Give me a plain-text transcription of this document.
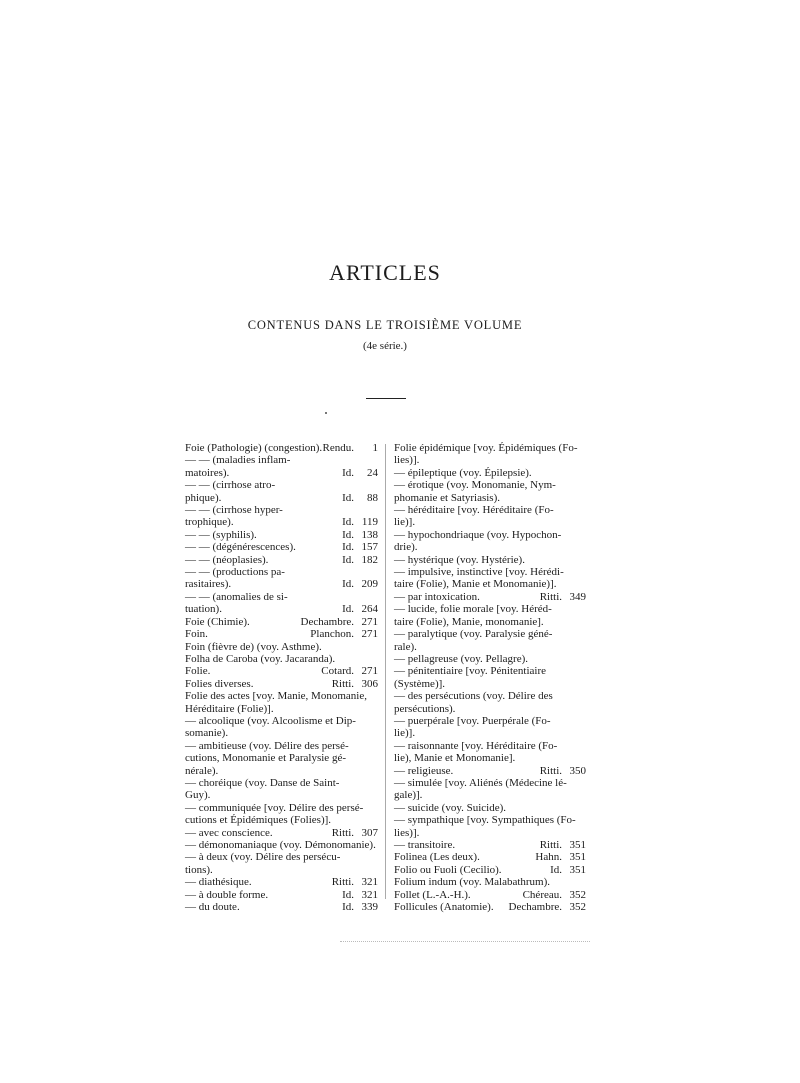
ARTICLES
CONTENUS DANS LE TROISIÈME VOLUME
(4e série.)
Foie (Pathologie) (congestion). Rendu. 1
— — (maladies inflam-
matoires).	Id. 24
— — (cirrhose atro-
phique).	Id. 88
— — (cirrhose hyper-
trophique).	Id. 119
— — (syphilis).	Id. 138
— — (dégénérescences).	Id. 157
— — (néoplasies).	Id. 182
— — (productions pa-
rasitaires).	Id. 209
— — (anomalies de si-
tuation).	Id. 264
Foie (Chimie).	Dechambre. 271
Foin.	Planchon. 271
Foin (fièvre de) (voy. Asthme).
Folha de Caroba (voy. Jacaranda).
Folie.	Cotard. 271
Folies diverses.	Ritti. 306
Folie des actes [voy. Manie, Monomanie,
Héréditaire (Folie)].
— alcoolique (voy. Alcoolisme et Dip-
somanie).
— ambitieuse (voy. Délire des persé-
cutions, Monomanie et Paralysie gé-
nérale).
— choréique (voy. Danse de Saint-
Guy).
— communiquée [voy. Délire des persé-
cutions et Épidémiques (Folies)].
— avec conscience.	Ritti. 307
— démonomaniaque (voy. Démonomanie).
— à deux (voy. Délire des persécu-
tions).
— diathésique.	Ritti. 321
— à double forme.	Id. 321
— du doute.	Id. 339
Folie épidémique [voy. Épidémiques (Fo-
lies)].
— épileptique (voy. Épilepsie).
— érotique (voy. Monomanie, Nym-
phomanie et Satyriasis).
— héréditaire [voy. Héréditaire (Fo-
lie)].
— hypochondriaque (voy. Hypochon-
drie).
— hystérique (voy. Hystérie).
— impulsive, instinctive [voy. Hérédi-
taire (Folie), Manie et Monomanie)].
— par intoxication.	Ritti. 349
— lucide, folie morale [voy. Héréd-
taire (Folie), Manie, monomanie].
— paralytique (voy. Paralysie géné-
rale).
— pellagreuse (voy. Pellagre).
— pénitentiaire [voy. Pénitentiaire
(Système)].
— des persécutions (voy. Délire des
persécutions).
— puerpérale [voy. Puerpérale (Fo-
lie)].
— raisonnante [voy. Héréditaire (Fo-
lie), Manie et Monomanie].
— religieuse.	Ritti. 350
— simulée [voy. Aliénés (Médecine lé-
gale)].
— suicide (voy. Suicide).
— sympathique [voy. Sympathiques (Fo-
lies)].
— transitoire.	Ritti. 351
Folinea (Les deux).	Hahn. 351
Folio ou Fuoli (Cecilio).	Id. 351
Folium indum (voy. Malabathrum).
Follet (L.-A.-H.).	Chéreau. 352
Follicules (Anatomie). Dechambre. 352
